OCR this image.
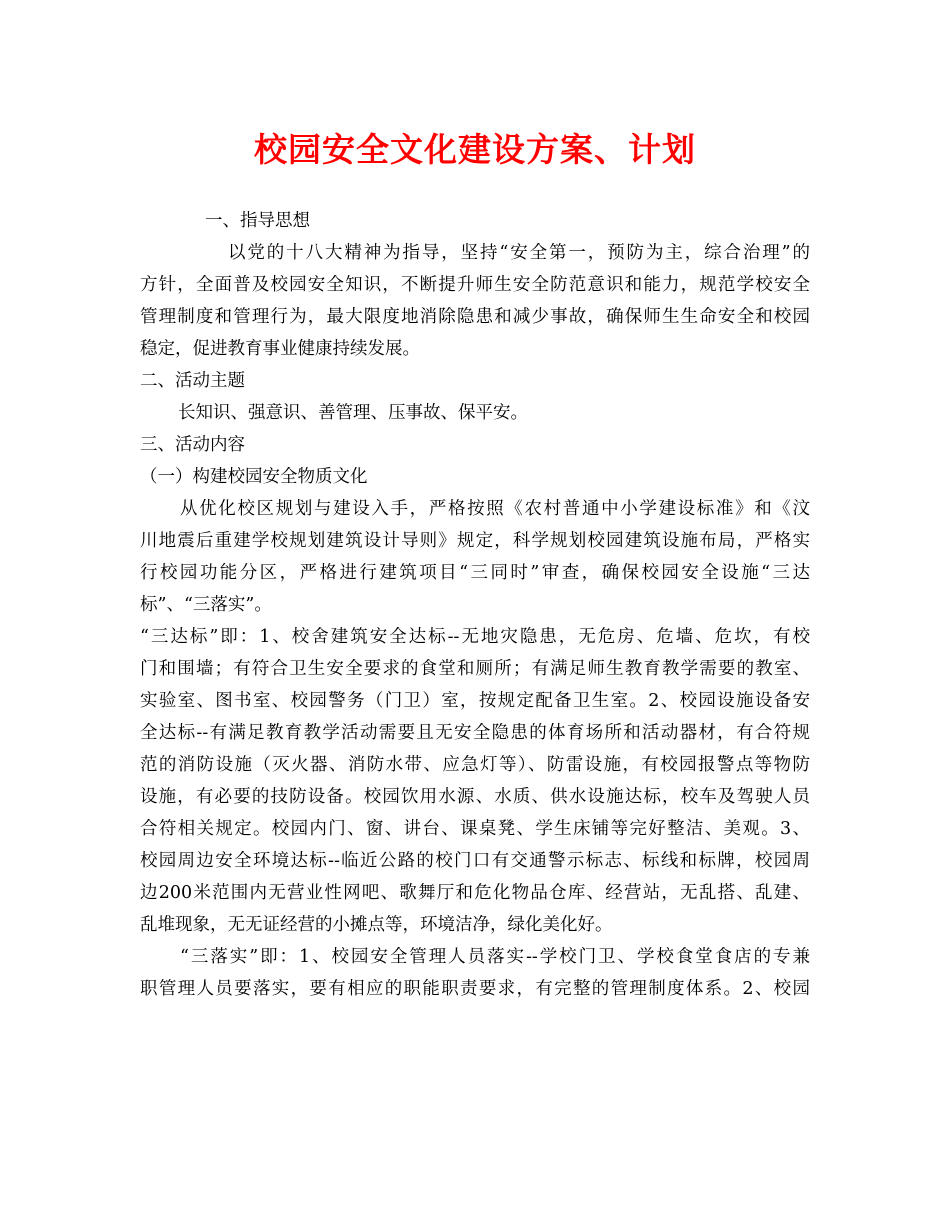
校园安全文化建设方案、计划

一、指导思想

以党的十八大精神为指导，坚持“安全第一，预防为主，综合治理”的

方针，全面普及校园安全知识，不断提升师生安全防范意识和能力，规范学校安全

管理制度和管理行为，最大限度地消除隐患和减少事故，确保师生生命安全和校园

稳定，促进教育事业健康持续发展。

二、活动主题

长知识、强意识、善管理、压事故、保平安。

三、活动内容

（一）构建校园安全物质文化

从优化校区规划与建设入手，严格按照《农村普通中小学建设标准》和《汶

川地震后重建学校规划建筑设计导则》规定，科学规划校园建筑设施布局，严格实

行校园功能分区，严格进行建筑项目“三同时”审查，确保校园安全设施“三达

标”、“三落实”。

“三达标”即：1、校舍建筑安全达标--无地灾隐患，无危房、危墙、危坎，有校

门和围墙；有符合卫生安全要求的食堂和厕所；有满足师生教育教学需要的教室、

实验室、图书室、校园警务（门卫）室，按规定配备卫生室。2、校园设施设备安

全达标--有满足教育教学活动需要且无安全隐患的体育场所和活动器材，有合符规

范的消防设施（灭火器、消防水带、应急灯等）、防雷设施，有校园报警点等物防

设施，有必要的技防设备。校园饮用水源、水质、供水设施达标，校车及驾驶人员

合符相关规定。校园内门、窗、讲台、课桌凳、学生床铺等完好整洁、美观。3、

校园周边安全环境达标--临近公路的校门口有交通警示标志、标线和标牌，校园周

边200米范围内无营业性网吧、歌舞厅和危化物品仓库、经营站，无乱搭、乱建、

乱堆现象，无无证经营的小摊点等，环境洁净，绿化美化好。

“三落实”即：1、校园安全管理人员落实--学校门卫、学校食堂食店的专兼

职管理人员要落实，要有相应的职能职责要求，有完整的管理制度体系。2、校园
